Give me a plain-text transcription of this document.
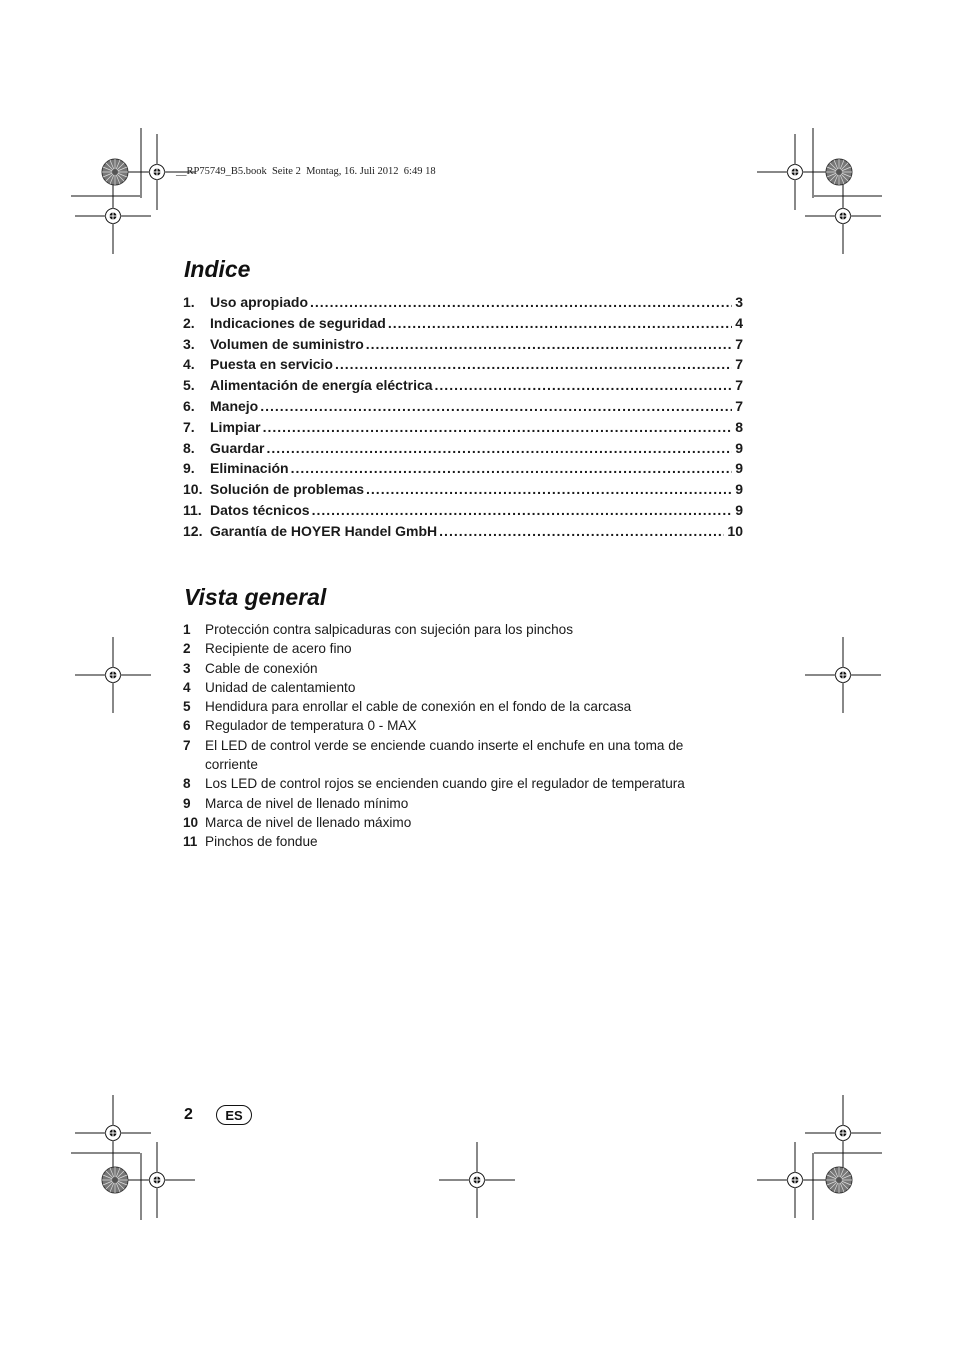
__RP75749_B5.book  Seite 2  Montag, 16. Juli 2012  6:49 18
Indice
1.	Uso apropiado .....	3
2.	Indicaciones de seguridad .....	4
3.	Volumen de suministro .....	7
4.	Puesta en servicio .....	7
5.	Alimentación de energía eléctrica .....	7
6.	Manejo .....	7
7.	Limpiar .....	8
8.	Guardar .....	9
9.	Eliminación .....	9
10. Solución de problemas .....	9
11. Datos técnicos .....	9
12. Garantía de HOYER Handel GmbH .....	10
Vista general
1	Protección contra salpicaduras con sujeción para los pinchos
2	Recipiente de acero fino
3	Cable de conexión
4	Unidad de calentamiento
5	Hendidura para enrollar el cable de conexión en el fondo de la carcasa
6	Regulador de temperatura 0 - MAX
7	El LED de control verde se enciende cuando inserte el enchufe en una toma de corriente
8	Los LED de control rojos se encienden cuando gire el regulador de temperatura
9	Marca de nivel de llenado mínimo
10 Marca de nivel de llenado máximo
11 Pinchos de fondue
2 ES
